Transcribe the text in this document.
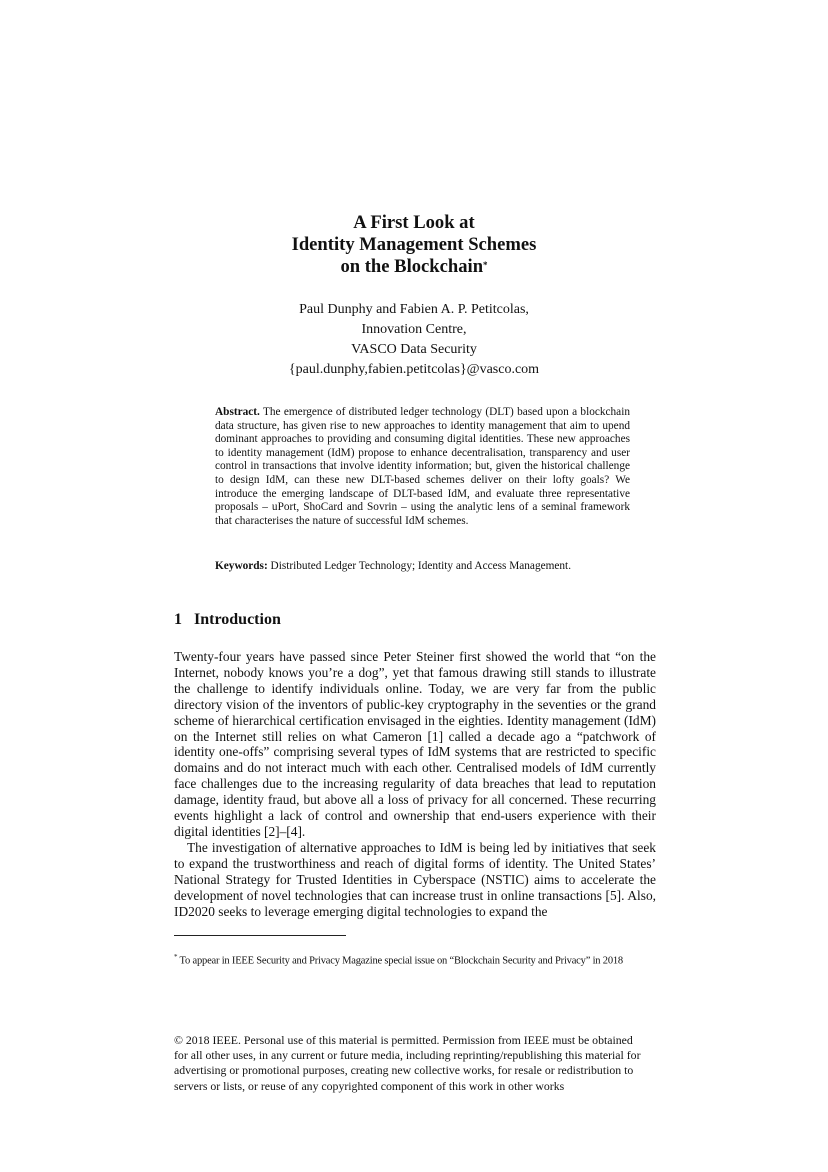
A First Look at
Identity Management Schemes
on the Blockchain*
Paul Dunphy and Fabien A. P. Petitcolas,
Innovation Centre,
VASCO Data Security
{paul.dunphy,fabien.petitcolas}@vasco.com
Abstract. The emergence of distributed ledger technology (DLT) based upon a blockchain data structure, has given rise to new approaches to identity management that aim to upend dominant approaches to providing and consuming digital identities. These new approaches to identity management (IdM) propose to enhance decentralisation, transparency and user control in transactions that involve identity information; but, given the historical challenge to design IdM, can these new DLT-based schemes deliver on their lofty goals? We introduce the emerging landscape of DLT-based IdM, and evaluate three representative proposals – uPort, ShoCard and Sovrin – using the analytic lens of a seminal framework that characterises the nature of successful IdM schemes.
Keywords: Distributed Ledger Technology; Identity and Access Management.
1 Introduction

Twenty-four years have passed since Peter Steiner first showed the world that “on the Internet, nobody knows you’re a dog”, yet that famous drawing still stands to illustrate the challenge to identify individuals online. Today, we are very far from the public directory vision of the inventors of public-key cryptography in the seventies or the grand scheme of hierarchical certification envisaged in the eighties. Identity management (IdM) on the Internet still relies on what Cameron [1] called a decade ago a “patchwork of identity one-offs” comprising several types of IdM systems that are restricted to specific domains and do not interact much with each other. Centralised models of IdM currently face challenges due to the increasing regularity of data breaches that lead to reputation damage, identity fraud, but above all a loss of privacy for all concerned. These recurring events highlight a lack of control and ownership that end-users experience with their digital identities [2]–[4].

The investigation of alternative approaches to IdM is being led by initiatives that seek to expand the trustworthiness and reach of digital forms of identity. The United States’ National Strategy for Trusted Identities in Cyberspace (NSTIC) aims to accelerate the development of novel technologies that can increase trust in online transactions [5]. Also, ID2020 seeks to leverage emerging digital technologies to expand the

* To appear in IEEE Security and Privacy Magazine special issue on “Blockchain Security and Privacy” in 2018
© 2018 IEEE. Personal use of this material is permitted. Permission from IEEE must be obtained for all other uses, in any current or future media, including reprinting/republishing this material for advertising or promotional purposes, creating new collective works, for resale or redistribution to servers or lists, or reuse of any copyrighted component of this work in other works
